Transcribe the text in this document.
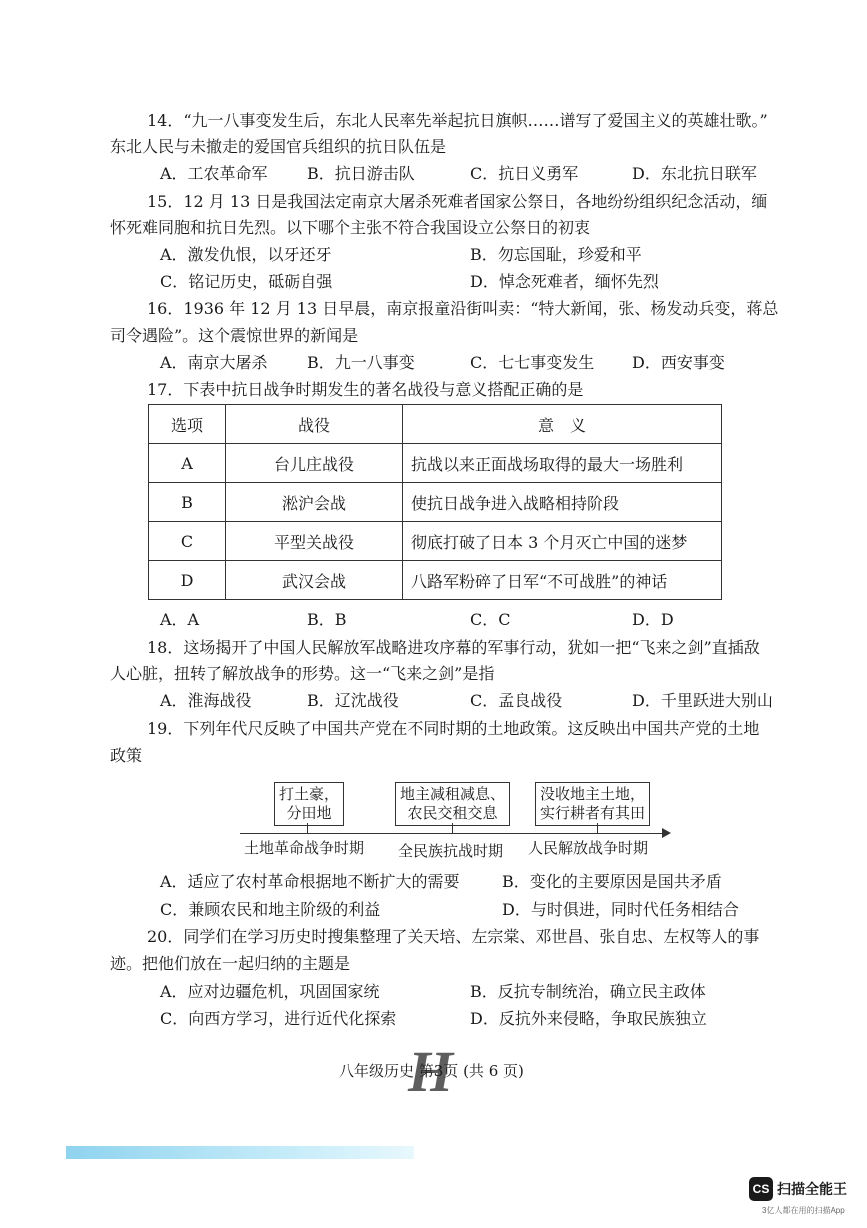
14．“九一八事变发生后，东北人民率先举起抗日旗帜……谱写了爱国主义的英雄壮歌。”
东北人民与未撤走的爱国官兵组织的抗日队伍是
A．工农革命军 B．抗日游击队	C．抗日义勇军	D．东北抗日联军
15．12 月 13 日是我国法定南京大屠杀死难者国家公祭日，各地纷纷组织纪念活动，缅
怀死难同胞和抗日先烈。以下哪个主张不符合我国设立公祭日的初衷
A．激发仇恨，以牙还牙	B．勿忘国耻，珍爱和平
C．铭记历史，砥砺自强	D．悼念死难者，缅怀先烈
16．1936 年 12 月 13 日早晨，南京报童沿街叫卖：“特大新闻，张、杨发动兵变，蒋总
司令遇险”。这个震惊世界的新闻是
A．南京大屠杀 B．九一八事变	C．七七事变发生 D．西安事变
17．下表中抗日战争时期发生的著名战役与意义搭配正确的是
选项	战役	意　义
A	台儿庄战役	抗战以来正面战场取得的最大一场胜利
B	淞沪会战	使抗日战争进入战略相持阶段
C	平型关战役	彻底打破了日本 3 个月灭亡中国的迷梦
D	武汉会战	八路军粉碎了日军“不可战胜”的神话
A．A	B．B	C．C	D．D
18．这场揭开了中国人民解放军战略进攻序幕的军事行动，犹如一把“飞来之剑”直插敌
人心脏，扭转了解放战争的形势。这一“飞来之剑”是指
A．淮海战役	B．辽沈战役	C．孟良战役	D．千里跃进大别山
19．下列年代尺反映了中国共产党在不同时期的土地政策。这反映出中国共产党的土地
政策
打土豪，
分田地
地主减租减息、
农民交租交息
没收地主土地，
实行耕者有其田
土地革命战争时期 全民族抗战时期 人民解放战争时期
A．适应了农村革命根据地不断扩大的需要	B．变化的主要原因是国共矛盾
C．兼顾农民和地主阶级的利益	D．与时俱进，同时代任务相结合
20．同学们在学习历史时搜集整理了关天培、左宗棠、邓世昌、张自忠、左权等人的事
迹。把他们放在一起归纳的主题是
A．应对边疆危机，巩固国家统	B．反抗专制统治，确立民主政体
C．向西方学习，进行近代化探索	D．反抗外来侵略，争取民族独立
H
八年级历史 第3页 (共 6 页)
CS 扫描全能王
3亿人都在用的扫描App
